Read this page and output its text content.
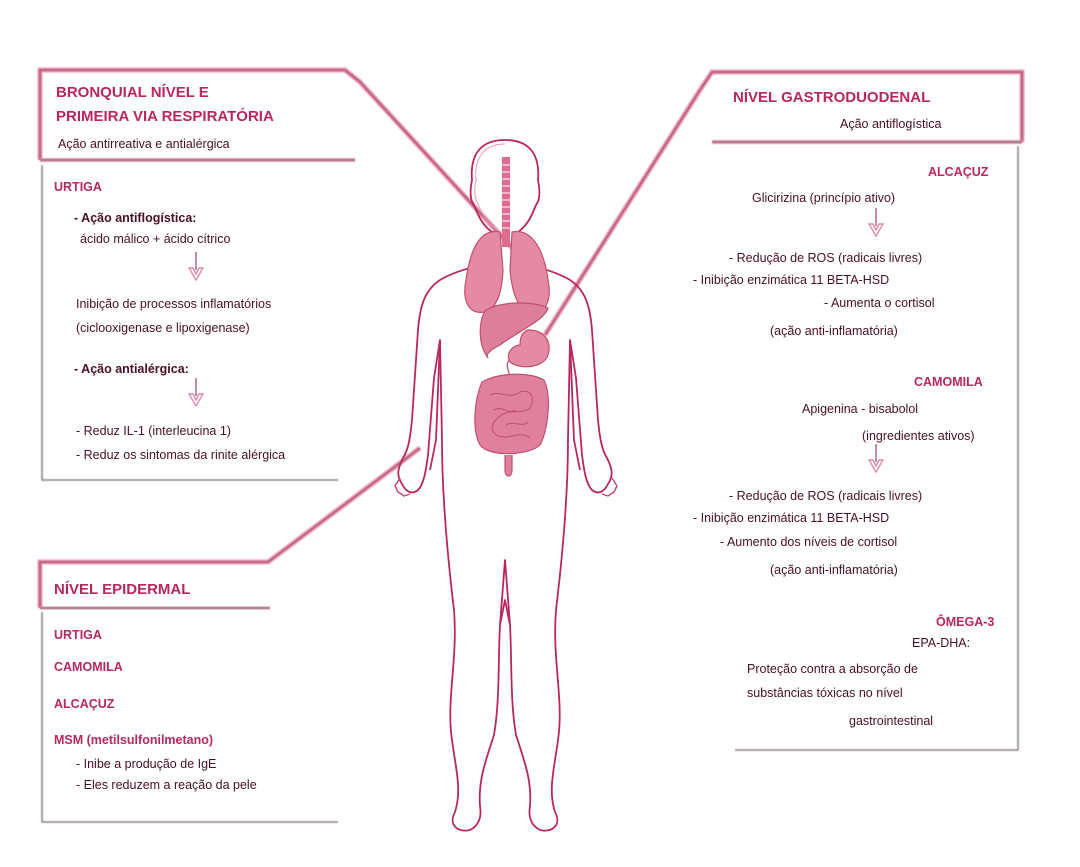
BRONQUIAL NÍVEL E
PRIMEIRA VIA RESPIRATÓRIA
Ação antirreativa e antialérgica
URTIGA
- Ação antiflogística:
ácido málico + ácido cítrico
Inibição de processos inflamatórios
(ciclooxigenase e lipoxigenase)
- Ação antialérgica:
- Reduz IL-1 (interleucina 1)
- Reduz os sintomas da rinite alérgica
NÍVEL EPIDERMAL
URTIGA
CAMOMILA
ALCAÇUZ
MSM (metilsulfonilmetano)
- Inibe a produção de IgE
- Eles reduzem a reação da pele
NÍVEL GASTRODUODENAL
Ação antiflogística
ALCAÇUZ
Glicirizina (princípio ativo)
- Redução de ROS (radicais livres)
- Inibição enzimática 11 BETA-HSD
- Aumenta o cortisol
(ação anti-inflamatória)
CAMOMILA
Apigenina - bisabolol
(ingredientes ativos)
- Redução de ROS (radicais livres)
- Inibição enzimática 11 BETA-HSD
- Aumento dos níveis de cortisol
(ação anti-inflamatória)
ÔMEGA-3
EPA-DHA:
Proteção contra a absorção de
substâncias tóxicas no nível
gastrointestinal
